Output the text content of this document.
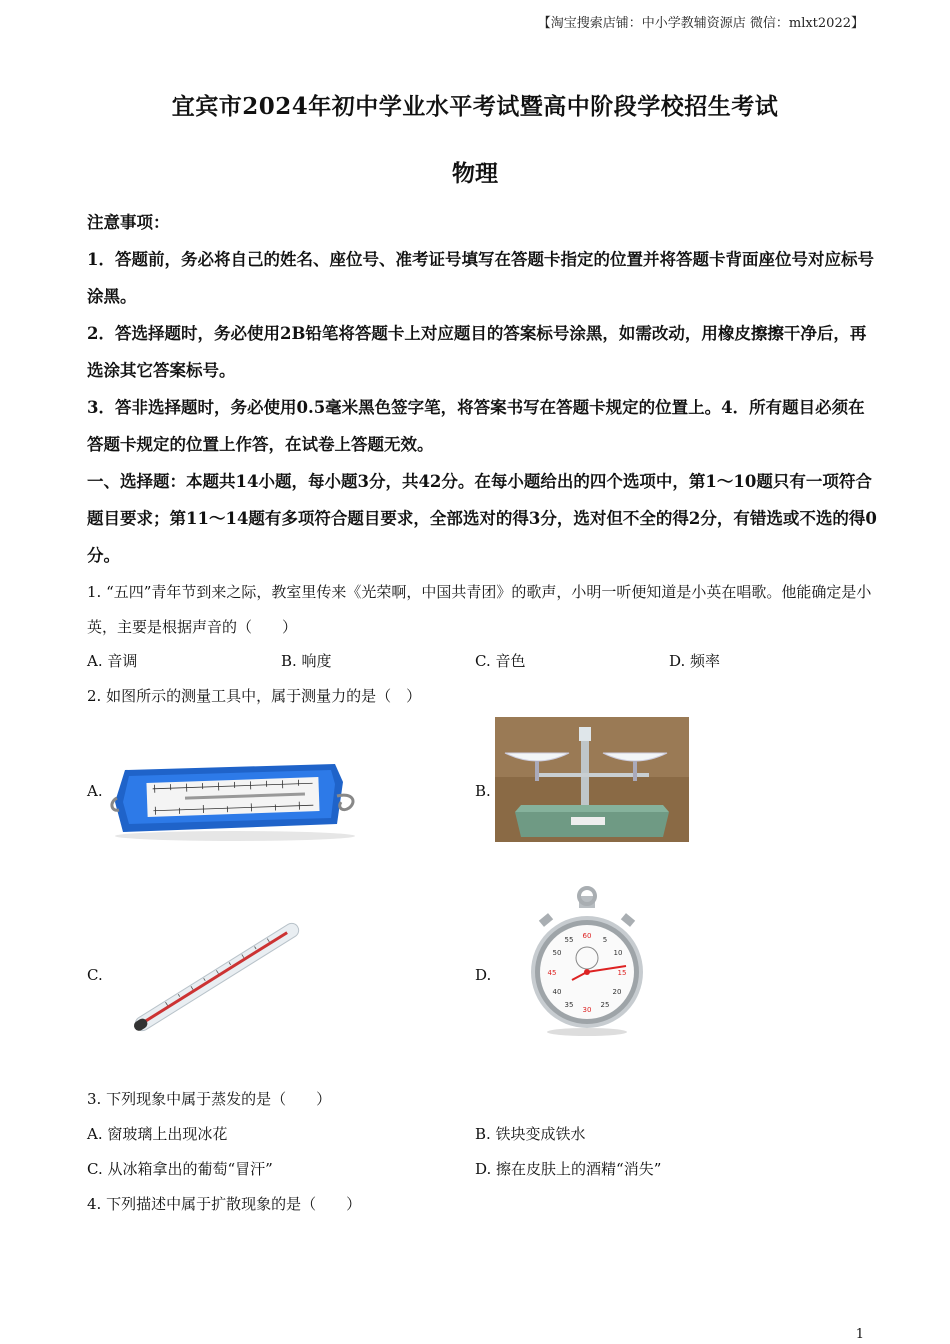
【淘宝搜索店铺：中小学教辅资源店 微信：mlxt2022】
宜宾市2024年初中学业水平考试暨高中阶段学校招生考试
物理
注意事项：
1．答题前，务必将自己的姓名、座位号、准考证号填写在答题卡指定的位置并将答题卡背面座位号对应标号涂黑。
2．答选择题时，务必使用2B铅笔将答题卡上对应题目的答案标号涂黑，如需改动，用橡皮擦擦干净后，再选涂其它答案标号。
3．答非选择题时，务必使用0.5毫米黑色签字笔，将答案书写在答题卡规定的位置上。4．所有题目必须在答题卡规定的位置上作答，在试卷上答题无效。
一、选择题：本题共14小题，每小题3分，共42分。在每小题给出的四个选项中，第1～10题只有一项符合题目要求；第11～14题有多项符合题目要求，全部选对的得3分，选对但不全的得2分，有错选或不选的得0分。
1. “五四”青年节到来之际，教室里传来《光荣啊，中国共青团》的歌声，小明一听便知道是小英在唱歌。他能确定是小英，主要是根据声音的（　　）
A. 音调	B. 响度	C. 音色	D. 频率
2. 如图所示的测量工具中，属于测量力的是（　）
A.	B.
C.	D.
60 5
10
15
20
25
30
35
40
45
50
55
3. 下列现象中属于蒸发的是（　　）
A. 窗玻璃上出现冰花	B. 铁块变成铁水
C. 从冰箱拿出的葡萄“冒汗”	D. 擦在皮肤上的酒精“消失”
4. 下列描述中属于扩散现象的是（　　）
1
